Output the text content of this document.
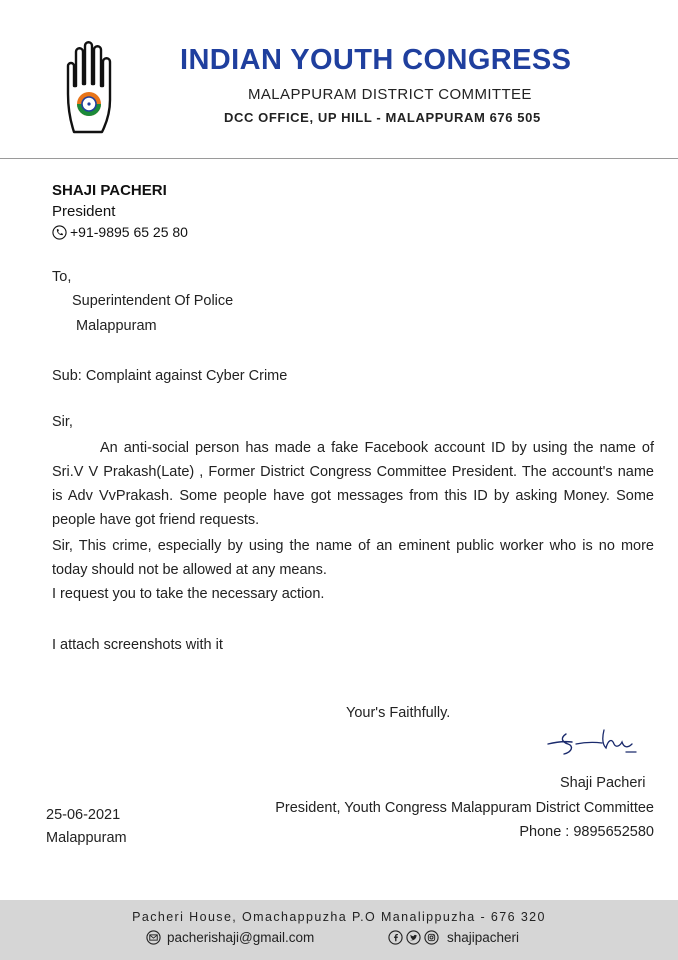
INDIAN YOUTH CONGRESS
MALAPPURAM DISTRICT COMMITTEE
DCC OFFICE, UP HILL - MALAPPURAM 676 505
SHAJI PACHERI
President
+91-9895 65 25 80
To,
Superintendent Of Police
Malappuram
Sub: Complaint against Cyber Crime
Sir,
An anti-social person has made a fake Facebook account ID by using the name of Sri.V V Prakash(Late) , Former District Congress Committee President. The account's name is Adv VvPrakash. Some people have got messages from this ID by asking Money. Some people have got friend requests.
Sir, This crime, especially by using the name of an eminent public worker who is no more today should not be allowed at any means.
I request you to take the necessary action.
I attach screenshots with it
Your's Faithfully.
Shaji Pacheri
President, Youth Congress Malappuram District Committee
Phone : 9895652580
25-06-2021
Malappuram
Pacheri House, Omachappuzha P.O Manalippuzha - 676 320
pacherishaji@gmail.com	shajipacheri
